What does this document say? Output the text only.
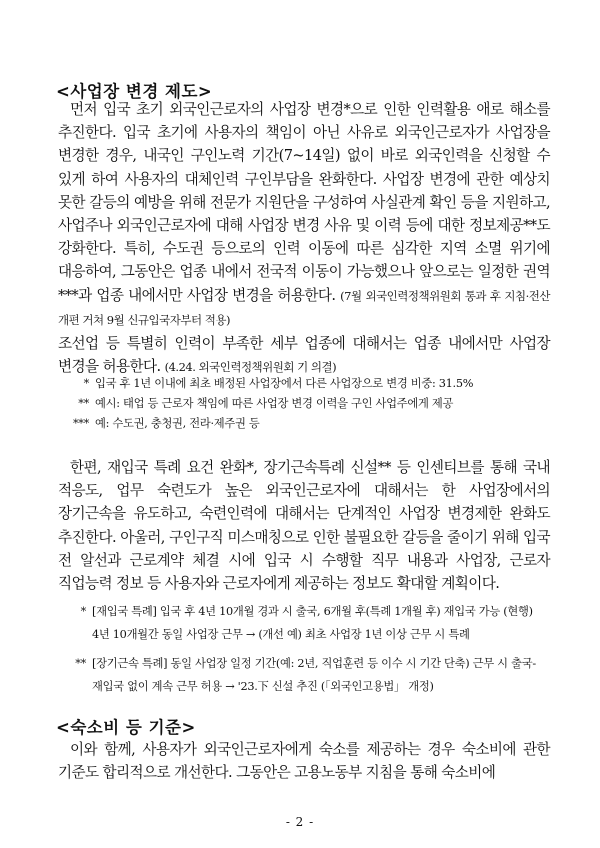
<사업장 변경 제도>
먼저 입국 초기 외국인근로자의 사업장 변경*으로 인한 인력활용 애로 해소를 추진한다. 입국 초기에 사용자의 책임이 아닌 사유로 외국인근로자가 사업장을 변경한 경우, 내국인 구인노력 기간(7~14일) 없이 바로 외국인력을 신청할 수 있게 하여 사용자의 대체인력 구인부담을 완화한다. 사업장 변경에 관한 예상치 못한 갈등의 예방을 위해 전문가 지원단을 구성하여 사실관계 확인 등을 지원하고, 사업주나 외국인근로자에 대해 사업장 변경 사유 및 이력 등에 대한 정보제공**도 강화한다. 특히, 수도권 등으로의 인력 이동에 따른 심각한 지역 소멸 위기에 대응하여, 그동안은 업종 내에서 전국적 이동이 가능했으나 앞으로는 일정한 권역***과 업종 내에서만 사업장 변경을 허용한다. (7월 외국인력정책위원회 통과 후 지침·전산 개편 거쳐 9월 신규입국자부터 적용)
조선업 등 특별히 인력이 부족한 세부 업종에 대해서는 업종 내에서만 사업장 변경을 허용한다. (4.24. 외국인력정책위원회 기 의결)
* 입국 후 1년 이내에 최초 배정된 사업장에서 다른 사업장으로 변경 비중: 31.5%
** 예시: 태업 등 근로자 책임에 따른 사업장 변경 이력을 구인 사업주에게 제공
*** 예: 수도권, 충청권, 전라·제주권 등
한편, 재입국 특례 요건 완화*, 장기근속특례 신설** 등 인센티브를 통해 국내 적응도, 업무 숙련도가 높은 외국인근로자에 대해서는 한 사업장에서의 장기근속을 유도하고, 숙련인력에 대해서는 단계적인 사업장 변경제한 완화도 추진한다. 아울러, 구인구직 미스매칭으로 인한 불필요한 갈등을 줄이기 위해 입국 전 알선과 근로계약 체결 시에 입국 시 수행할 직무 내용과 사업장, 근로자 직업능력 정보 등 사용자와 근로자에게 제공하는 정보도 확대할 계획이다.
* [재입국 특례] 입국 후 4년 10개월 경과 시 출국, 6개월 후(특례 1개월 후) 재입국 가능 (현행) 4년 10개월간 동일 사업장 근무 → (개선 예) 최초 사업장 1년 이상 근무 시 특례
** [장기근속 특례] 동일 사업장 일정 기간(예: 2년, 직업훈련 등 이수 시 기간 단축) 근무 시 출국-재입국 없이 계속 근무 허용 → '23.下 신설 추진 (「외국인고용법」 개정)
<숙소비 등 기준>
이와 함께, 사용자가 외국인근로자에게 숙소를 제공하는 경우 숙소비에 관한 기준도 합리적으로 개선한다. 그동안은 고용노동부 지침을 통해 숙소비에
- 2 -
